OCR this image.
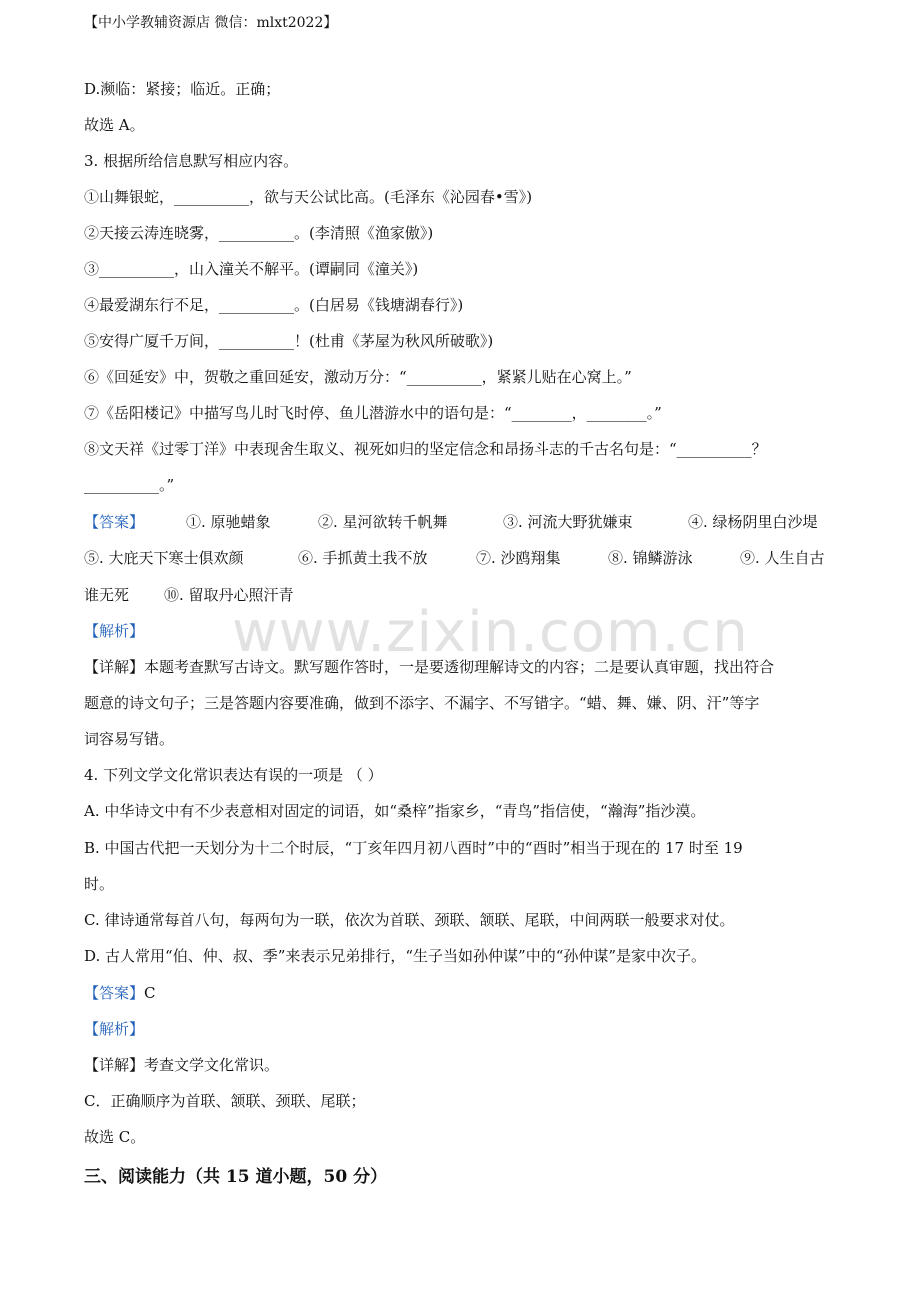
www.zixin.com.cn
【中小学教辅资源店 微信：mlxt2022】
D.濒临：紧接；临近。正确；
故选 A。
3. 根据所给信息默写相应内容。
①山舞银蛇，__________，欲与天公试比高。(毛泽东《沁园春•雪》)
②天接云涛连晓雾，__________。(李清照《渔家傲》)
③__________，山入潼关不解平。(谭嗣同《潼关》)
④最爱湖东行不足，__________。(白居易《钱塘湖春行》)
⑤安得广厦千万间，__________！(杜甫《茅屋为秋风所破歌》)
⑥《回延安》中，贺敬之重回延安，激动万分：“__________，紧紧儿贴在心窝上。”
⑦《岳阳楼记》中描写鸟儿时飞时停、鱼儿潜游水中的语句是：“________，________。”
⑧文天祥《过零丁洋》中表现舍生取义、视死如归的坚定信念和昂扬斗志的千古名句是：“__________？
__________。”
【答案】	①. 原驰蜡象	②. 星河欲转千帆舞	③. 河流大野犹嫌束	④. 绿杨阴里白沙堤
⑤. 大庇天下寒士俱欢颜	⑥. 手抓黄土我不放	⑦. 沙鸥翔集	⑧. 锦鳞游泳	⑨. 人生自古
谁无死 ⑩. 留取丹心照汗青
【解析】
【详解】本题考查默写古诗文。默写题作答时，一是要透彻理解诗文的内容；二是要认真审题，找出符合
题意的诗文句子；三是答题内容要准确，做到不添字、不漏字、不写错字。“蜡、舞、嫌、阴、汗”等字
词容易写错。
4. 下列文学文化常识表达有误的一项是 （ ）
A. 中华诗文中有不少表意相对固定的词语，如“桑梓”指家乡，“青鸟”指信使，“瀚海”指沙漠。
B. 中国古代把一天划分为十二个时辰，“丁亥年四月初八酉时”中的“酉时”相当于现在的 17 时至 19
时。
C. 律诗通常每首八句，每两句为一联，依次为首联、颈联、颔联、尾联，中间两联一般要求对仗。
D. 古人常用“伯、仲、叔、季”来表示兄弟排行，“生子当如孙仲谋”中的“孙仲谋”是家中次子。
【答案】C
【解析】
【详解】考查文学文化常识。
C．正确顺序为首联、颔联、颈联、尾联；
故选 C。
三、阅读能力（共 15 道小题，50 分）
